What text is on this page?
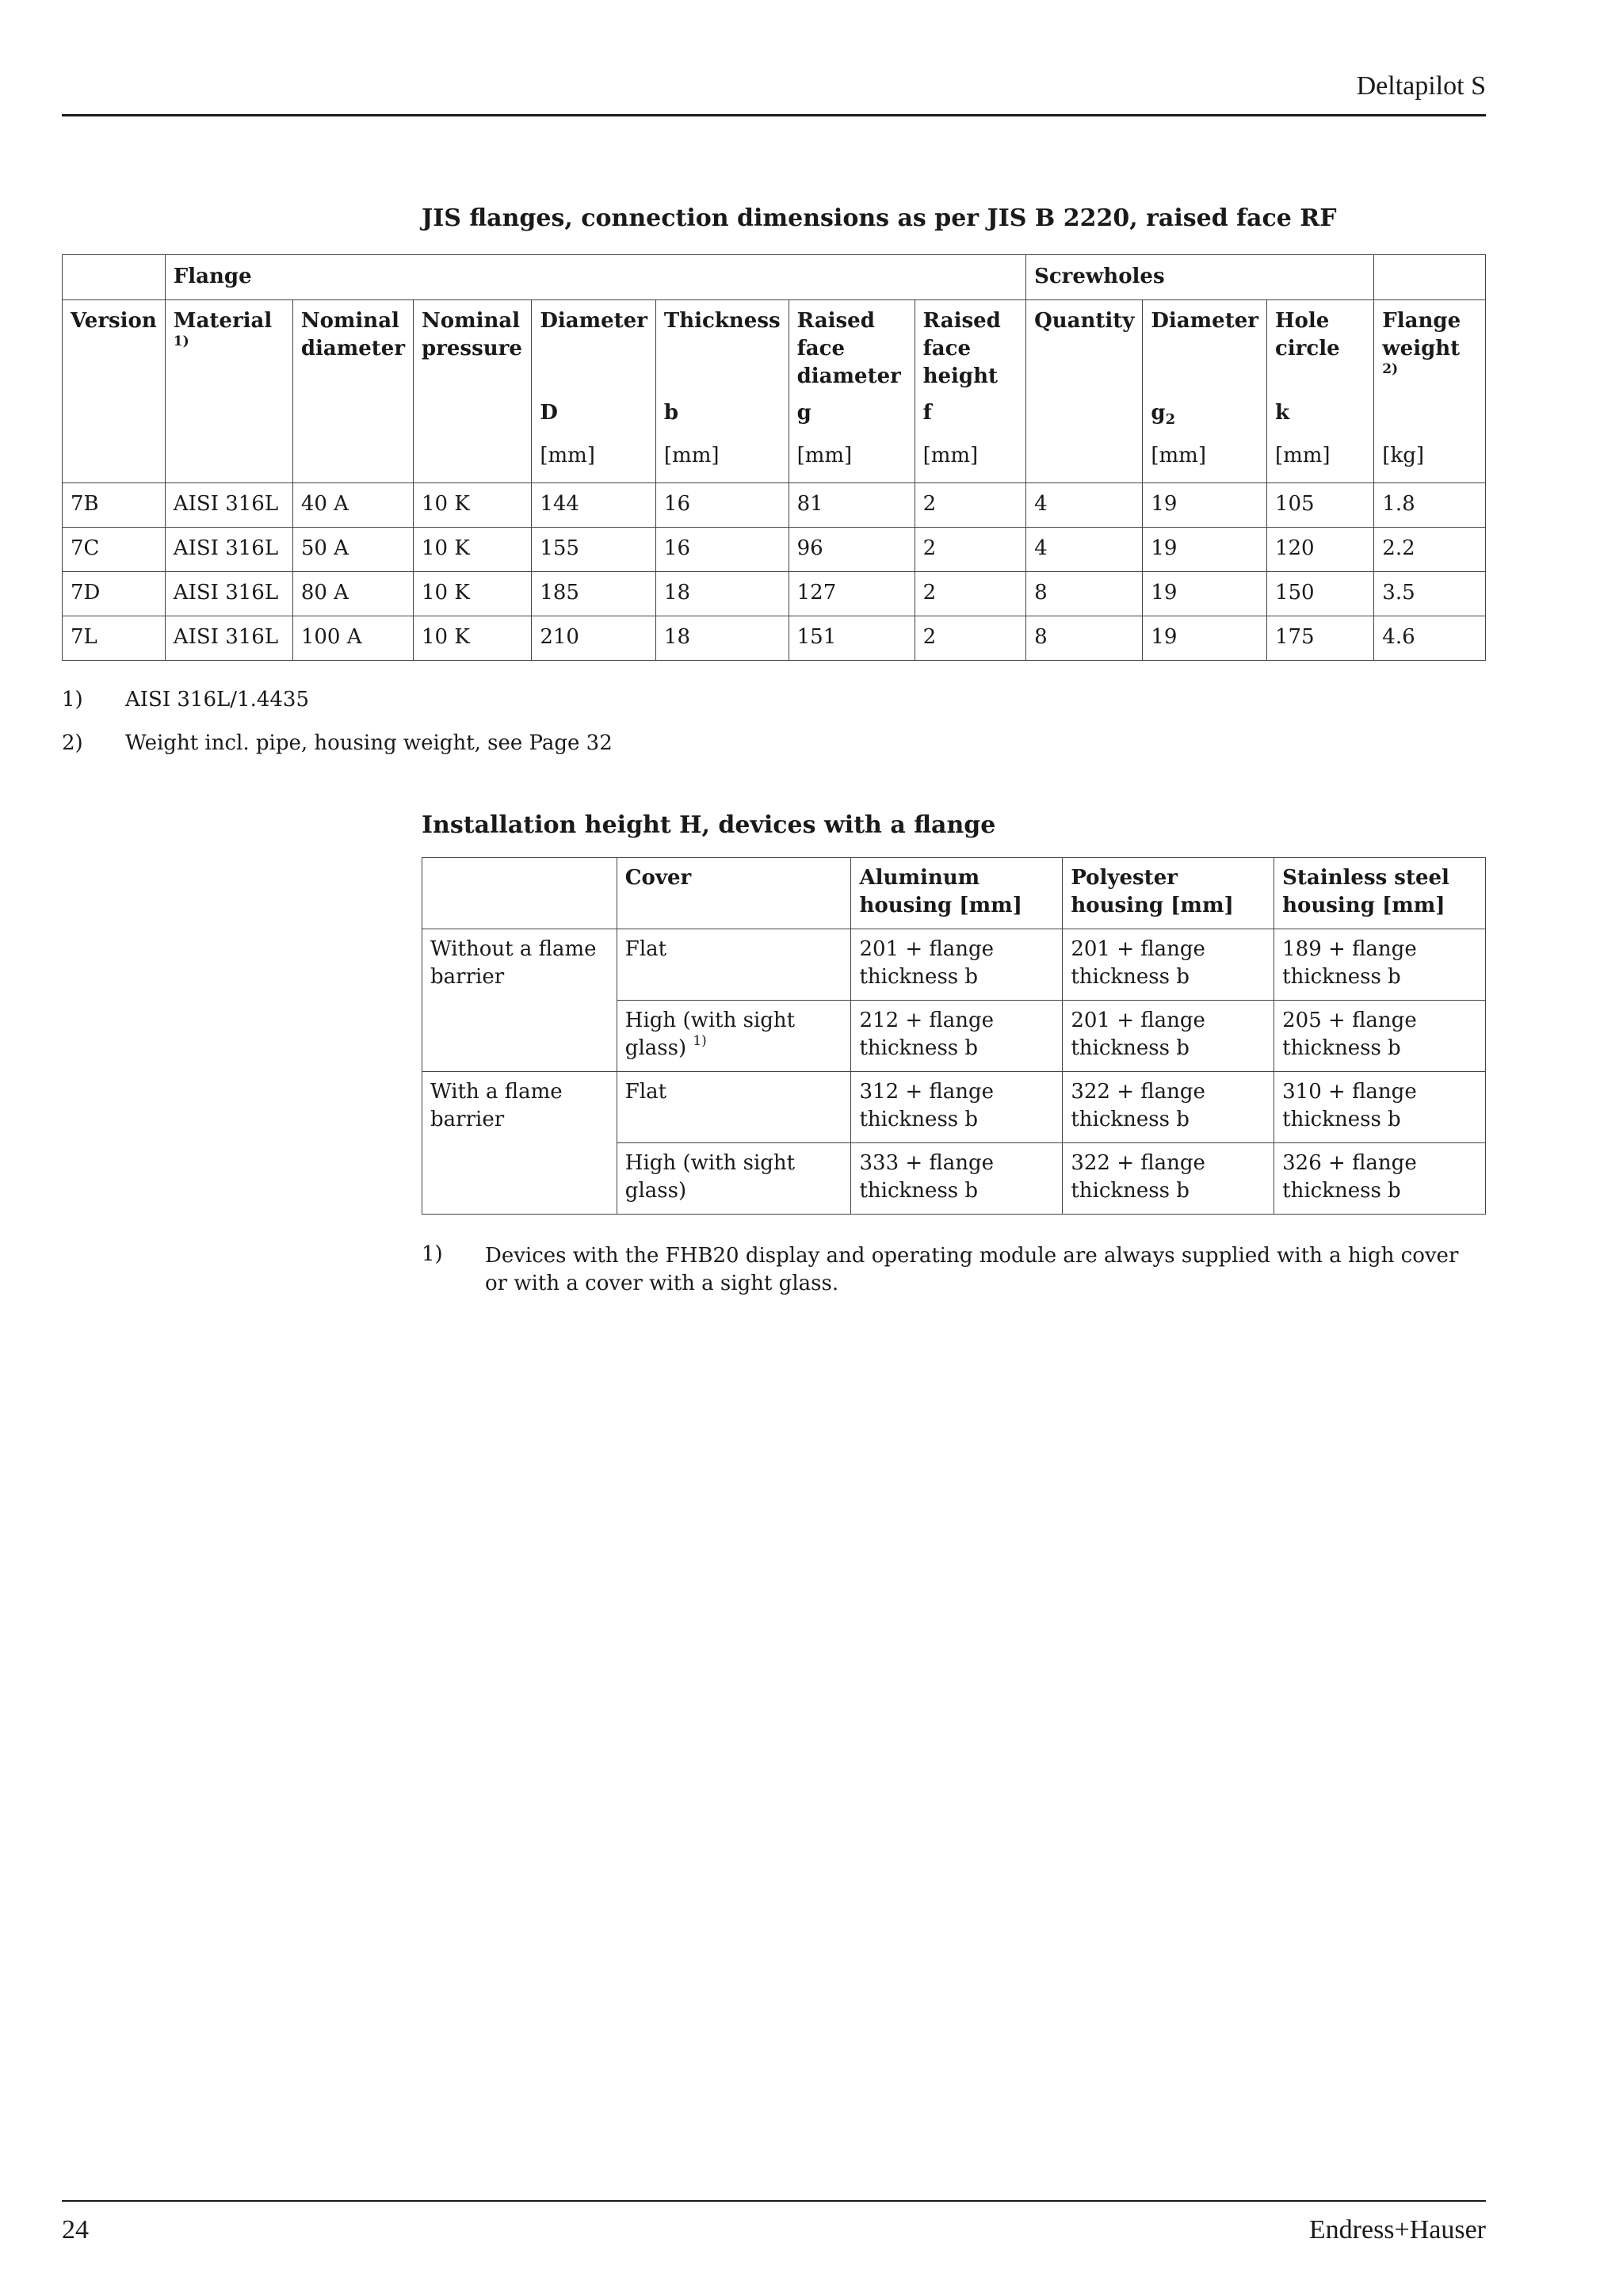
Deltapilot S
JIS flanges, connection dimensions as per JIS B 2220, raised face RF
	Flange							Screwholes			
Version	Material $^{1)}$	Nominal diameter	Nominal pressure	Diameter	Thickness	Raised face diameter	Raised face height	Quantity	Diameter	Hole circle	Flange weight $^{2)}$
				D	b	g	f		$g_2$	k	
				[mm]	[mm]	[mm]	[mm]		[mm]	[mm]	[kg]
7B	AISI 316L	40 A	10 K	144	16	81	2	4	19	105	1.8
7C	AISI 316L	50 A	10 K	155	16	96	2	4	19	120	2.2
7D	AISI 316L	80 A	10 K	185	18	127	2	8	19	150	3.5
7L	AISI 316L	100 A	10 K	210	18	151	2	8	19	175	4.6
1) AISI 316L/1.4435
2) Weight incl. pipe, housing weight, see Page 32
Installation height H, devices with a flange
	Cover	Aluminum housing [mm]	Polyester housing [mm]	Stainless steel housing [mm]
Without a flame barrier	Flat	201 + flange thickness b	201 + flange thickness b	189 + flange thickness b
	High (with sight glass) $^{1)}$	212 + flange thickness b	201 + flange thickness b	205 + flange thickness b
With a flame barrier	Flat	312 + flange thickness b	322 + flange thickness b	310 + flange thickness b
	High (with sight glass)	333 + flange thickness b	322 + flange thickness b	326 + flange thickness b
1) Devices with the FHB20 display and operating module are always supplied with a high cover or with a cover with a sight glass.
24	Endress+Hauser
